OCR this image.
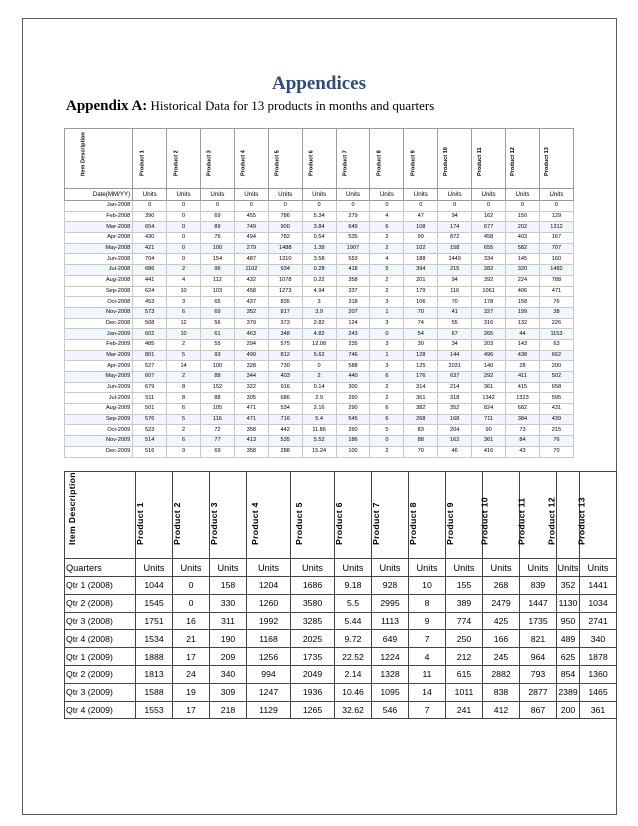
Appendices
Appendix A: Historical Data for 13 products in months and quarters
Item Description	Product 1	Product 2	Product 3	Product 4	Product 5	Product 6	Product 7	Product 8	Product 9	Product 10	Product 11	Product 12	Product 13

Date(MM/YY)	Units	Units	Units	Units	Units	Units	Units	Units	Units	Units	Units	Units	Units
Jan-2008	0	0	0	0	0	0	0	0	0	0	0	0	0
Feb-2008	390	0	69	455	786	5.34	279	4	47	94	162	150	129
Mar-2008	654	0	89	749	900	3.84	649	6	108	174	677	202	1312
Apr-2008	430	0	76	494	782	0.54	535	2	99	872	458	403	167
May-2008	421	0	100	279	1488	1.38	1907	2	102	158	655	582	707
Jun-2008	704	0	154	487	1310	3.58	553	4	188	1449	334	145	160
Jul-2008	686	2	96	1102	934	0.28	418	5	394	215	282	320	1482
Aug-2008	441	4	112	432	1078	0.22	358	2	201	94	392	224	788
Sep-2008	624	10	103	458	1273	4.94	337	2	179	116	1061	406	471
Oct-2008	453	3	65	437	835	3	318	3	106	70	178	158	76
Nov-2008	573	6	69	352	817	3.9	207	1	70	41	327	199	38
Dec-2008	508	12	56	379	373	2.82	124	3	74	55	316	132	226
Jan-2009	602	10	61	463	348	4.82	243	0	54	67	265	44	1153
Feb-2009	485	2	55	294	575	12.08	235	3	30	34	203	143	63
Mar-2009	801	5	93	499	812	5.62	746	1	128	144	496	438	662
Apr-2009	527	14	100	328	730	0	588	3	125	2031	140	28	200
May-2009	607	2	88	344	403	2	440	6	176	637	292	411	502
Jun-2009	679	8	152	322	916	0.14	300	2	314	214	361	415	658
Jul-2009	511	8	88	305	686	2.9	260	2	361	318	1342	1323	595
Aug-2009	501	6	105	471	534	2.16	290	6	382	352	824	682	431
Sep-2009	576	5	116	471	716	5.4	545	6	268	168	711	384	439
Oct-2009	523	2	72	358	442	11.86	260	5	83	204	90	73	215
Nov-2009	514	6	77	413	535	5.52	186	0	88	162	361	84	76
Dec-2009	516	9	69	358	288	15.24	100	2	70	46	416	43	70
Item Description	Product 1	Product 2	Product 3	Product 4	Product 5	Product 6	Product 7	Product 8	Product 9	Product 10	Product 11	Product 12	Product 13

Quarters	Units	Units	Units	Units	Units	Units	Units	Units	Units	Units	Units	Units	Units
Qtr 1 (2008)	1044	0	158	1204	1686	9.18	928	10	155	268	839	352	1441
Qtr 2 (2008)	1545	0	330	1260	3580	5.5	2995	8	389	2479	1447	1130	1034
Qtr 3 (2008)	1751	16	311	1992	3285	5.44	1113	9	774	425	1735	950	2741
Qtr 4 (2008)	1534	21	190	1168	2025	9.72	649	7	250	166	821	489	340
Qtr 1 (2009)	1888	17	209	1256	1735	22.52	1224	4	212	245	964	625	1878
Qtr 2 (2009)	1813	24	340	994	2049	2.14	1328	11	615	2882	793	854	1360
Qtr 3 (2009)	1588	19	309	1247	1936	10.46	1095	14	1011	838	2877	2389	1465
Qtr 4 (2009)	1553	17	218	1129	1265	32.62	546	7	241	412	867	200	361
